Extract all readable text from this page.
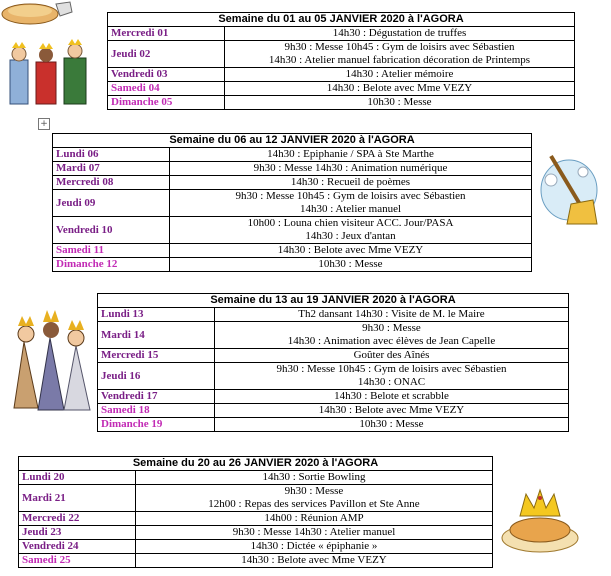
Semaine du 01 au 05 JANVIER 2020 à l'AGORA	
Mercredi 01	14h30 : Dégustation de truffes

Jeudi 02	9h30 : Messe 10h45 : Gym de loisirs avec Sébastien
14h30 : Atelier manuel fabrication décoration de Printemps

Vendredi 03	14h30 : Atelier mémoire

Samedi 04	14h30 : Belote avec Mme VEZY

Dimanche 05	10h30 : Messe
Semaine du 06 au 12 JANVIER 2020 à l'AGORA	
Lundi 06	14h30 : Epiphanie / SPA à Ste Marthe

Mardi 07	9h30 : Messe 14h30 : Animation numérique

Mercredi 08	14h30 : Recueil de poèmes

Jeudi 09	9h30 : Messe 10h45 : Gym de loisirs avec Sébastien
14h30 : Atelier manuel

Vendredi 10	10h00 : Louna chien visiteur ACC. Jour/PASA
14h30 : Jeux d'antan

Samedi 11	14h30 : Belote avec Mme VEZY

Dimanche 12	10h30 : Messe
Semaine du 13 au 19 JANVIER 2020 à l'AGORA	
Lundi 13	Th2 dansant 14h30 : Visite de M. le Maire

Mardi 14	9h30 : Messe
14h30 : Animation avec élèves de Jean Capelle

Mercredi 15	Goûter des Aînés

Jeudi 16	9h30 : Messe 10h45 : Gym de loisirs avec Sébastien
14h30 : ONAC

Vendredi 17	14h30 : Belote et scrabble

Samedi 18	14h30 : Belote avec Mme VEZY

Dimanche 19	10h30 : Messe
Semaine du 20 au 26 JANVIER 2020 à l'AGORA	
Lundi 20	14h30 : Sortie Bowling

Mardi 21	9h30 : Messe
12h00 : Repas des services Pavillon et Ste Anne

Mercredi 22	14h00 : Réunion AMP

Jeudi 23	9h30 : Messe 14h30 : Atelier manuel

Vendredi 24	14h30 : Dictée « épiphanie »

Samedi 25	14h30 : Belote avec Mme VEZY
+
